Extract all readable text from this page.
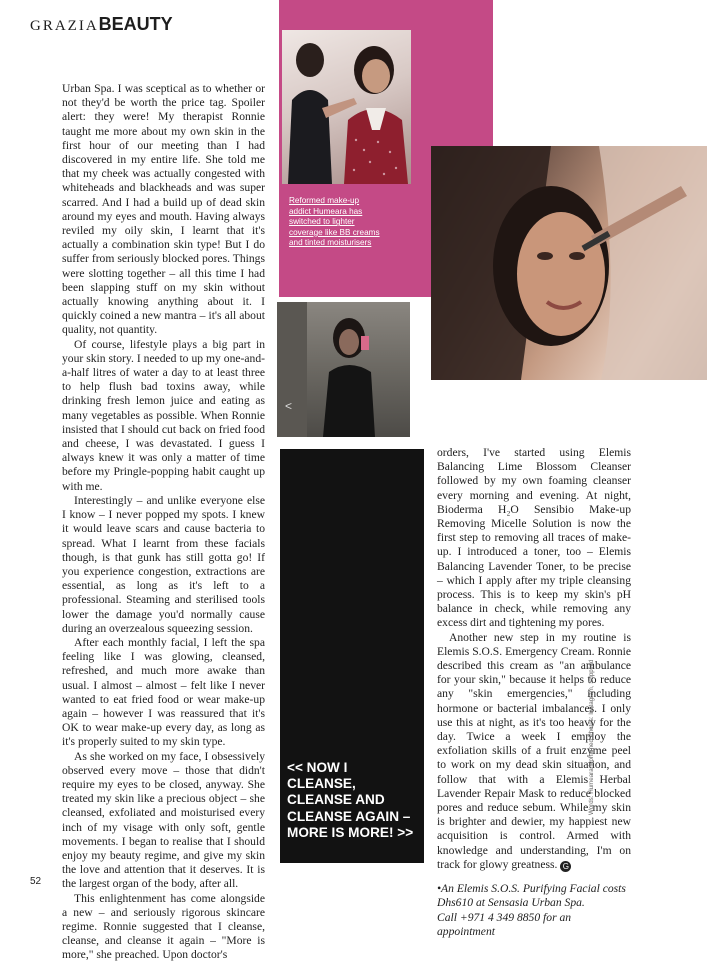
GRAZIABEAUTY
Reformed make-up addict Humeara has switched to lighter coverage like BB creams and tinted moisturisers
<
<< NOW I CLEANSE, CLEANSE AND CLEANSE AGAIN – MORE IS MORE! >>

Urban Spa. I was sceptical as to whether or not they'd be worth the price tag. Spoiler alert: they were! My therapist Ronnie taught me more about my own skin in the first hour of our meeting than I had discovered in my entire life. She told me that my cheek was actually congested with whiteheads and blackheads and was super scarred. And I had a build up of dead skin around my eyes and mouth. Having always reviled my oily skin, I learnt that it's actually a combination skin type! But I do suffer from seriously blocked pores. Things were slotting together – all this time I had been slapping stuff on my skin without actually knowing anything about it. I quickly coined a new mantra – it's all about quality, not quantity.

Of course, lifestyle plays a big part in your skin story. I needed to up my one-and-a-half litres of water a day to at least three to help flush bad toxins away, while drinking fresh lemon juice and eating as many vegetables as possible. When Ronnie insisted that I should cut back on fried food and cheese, I was devastated. I guess I always knew it was only a matter of time before my Pringle-popping habit caught up with me.

Interestingly – and unlike everyone else I know – I never popped my spots. I knew it would leave scars and cause bacteria to spread. What I learnt from these facials though, is that gunk has still gotta go! If you experience congestion, extractions are essential, as long as it's left to a professional. Steaming and sterilised tools lower the damage you'd normally cause during an overzealous squeezing session.

After each monthly facial, I left the spa feeling like I was glowing, cleansed, refreshed, and much more awake than usual. I almost – almost – felt like I never wanted to eat fried food or wear make-up again – however I was reassured that it's OK to wear make-up every day, as long as it's properly suited to my skin type.

As she worked on my face, I obsessively observed every move – those that didn't require my eyes to be closed, anyway. She treated my skin like a precious object – she cleansed, exfoliated and moisturised every inch of my visage with only soft, gentle movements. I began to realise that I should enjoy my beauty regime, and give my skin the love and attention that it deserves. It is the largest organ of the body, after all.

This enlightenment has come alongside a new – and seriously rigorous skincare regime. Ronnie suggested that I cleanse, cleanse, and cleanse it again – "More is more," she preached. Upon doctor's

orders, I've started using Elemis Balancing Lime Blossom Cleanser followed by my own foaming cleanser every morning and evening. At night, Bioderma H₂O Sensibio Make-up Removing Micelle Solution is now the first step to removing all traces of make-up. I introduced a toner, too – Elemis Balancing Lavender Toner, to be precise – which I apply after my triple cleansing process. This is to keep my skin's pH balance in check, while removing any excess dirt and tightening my pores.

Another new step in my routine is Elemis S.O.S. Emergency Cream. Ronnie described this cream as "an ambulance for your skin," because it helps to reduce any "skin emergencies," including hormone or bacterial imbalances. I only use this at night, as it's too heavy for the day. Twice a week I employ the exfoliation skills of a fruit enzyme peel to work on my dead skin situation, and follow that with a Elemis Herbal Lavender Repair Mask to reduce blocked pores and reduce sebum. While my skin is brighter and dewier, my happiest new acquisition is control. Armed with knowledge and understanding, I'm on track for glowy greatness. G

•An Elemis S.O.S. Purifying Facial costs
Dhs610 at Sensasia Urban Spa.
Call +971 4 349 8850 for an appointment

52
Words: Humeara Mohamed Photos: Instagram, Supplied
